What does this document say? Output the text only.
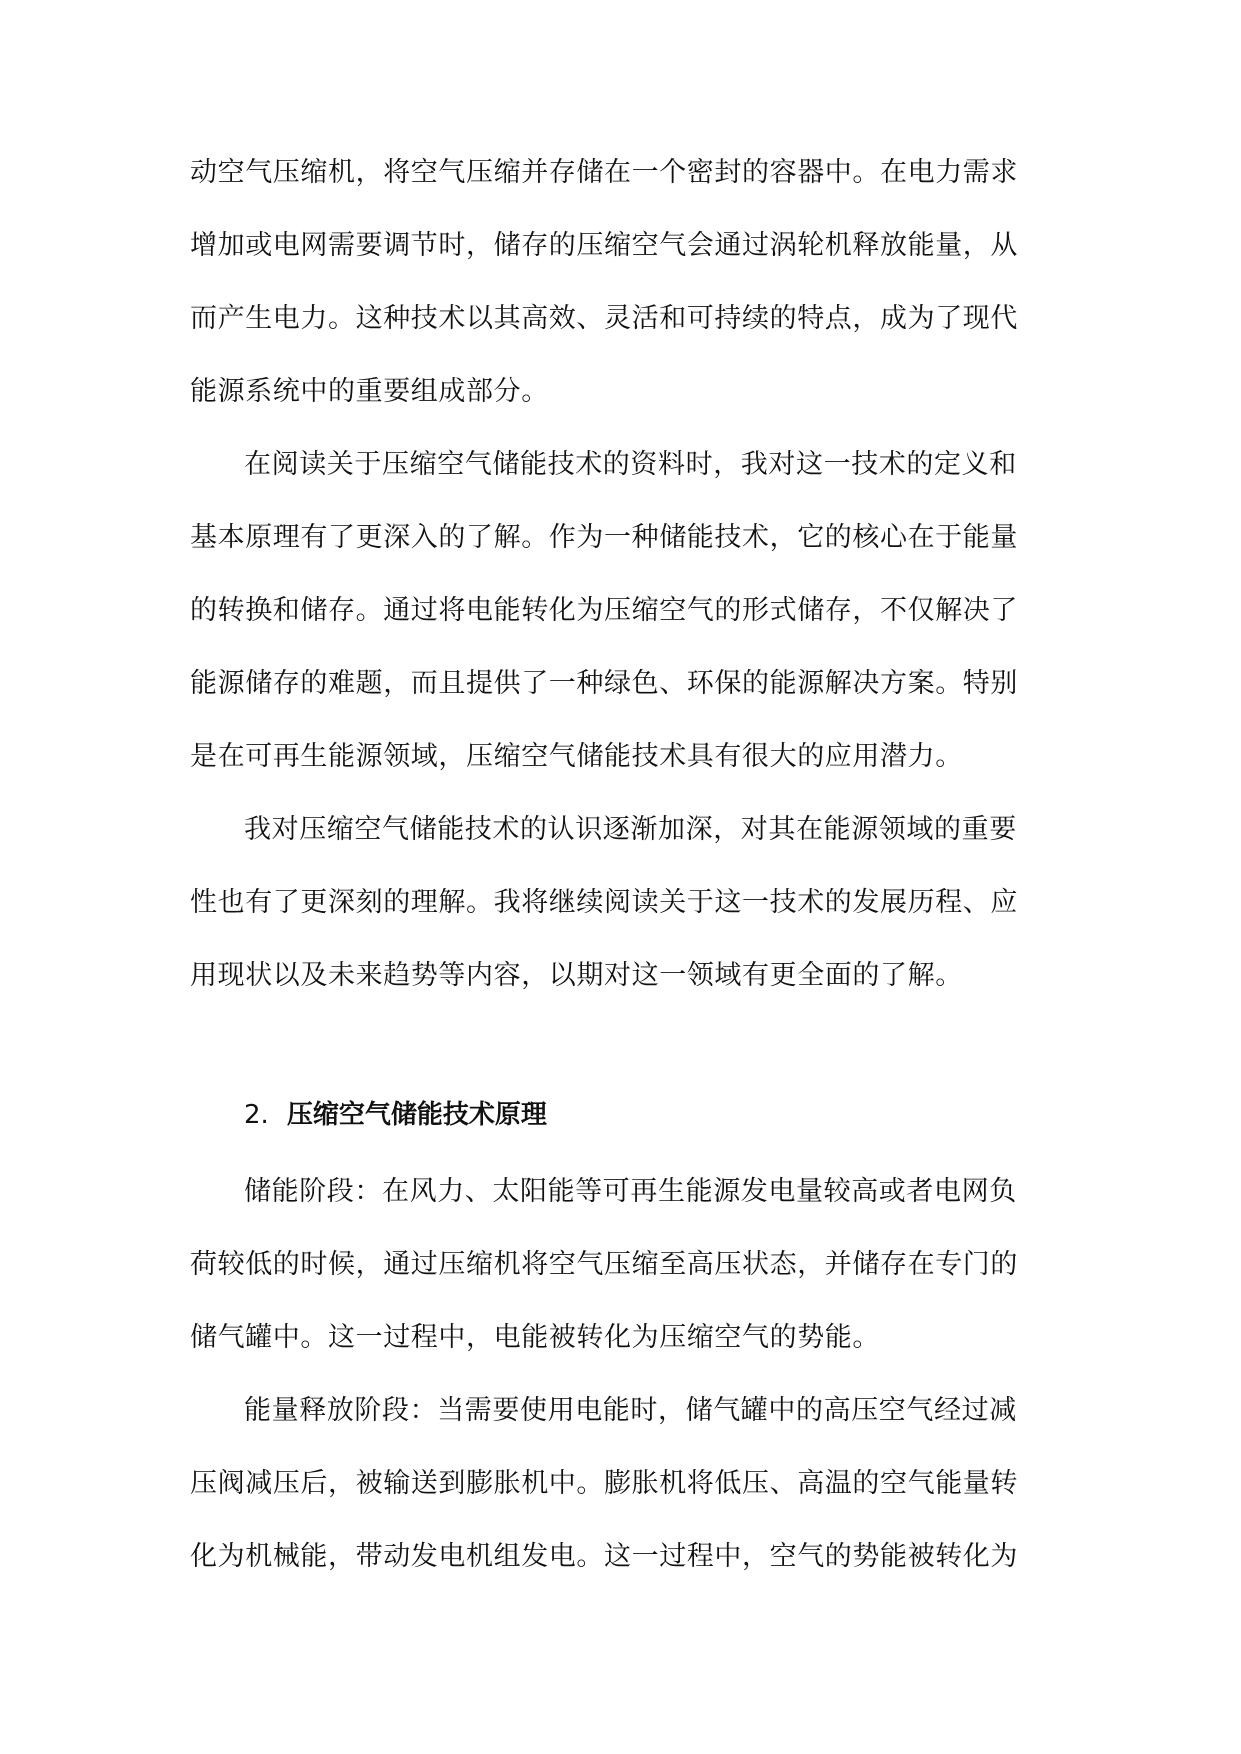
动空气压缩机，将空气压缩并存储在一个密封的容器中。在电力需求
增加或电网需要调节时，储存的压缩空气会通过涡轮机释放能量，从
而产生电力。这种技术以其高效、灵活和可持续的特点，成为了现代
能源系统中的重要组成部分。
在阅读关于压缩空气储能技术的资料时，我对这一技术的定义和
基本原理有了更深入的了解。作为一种储能技术，它的核心在于能量
的转换和储存。通过将电能转化为压缩空气的形式储存，不仅解决了
能源储存的难题，而且提供了一种绿色、环保的能源解决方案。特别
是在可再生能源领域，压缩空气储能技术具有很大的应用潜力。
我对压缩空气储能技术的认识逐渐加深，对其在能源领域的重要
性也有了更深刻的理解。我将继续阅读关于这一技术的发展历程、应
用现状以及未来趋势等内容，以期对这一领域有更全面的了解。
2. 压缩空气储能技术原理
储能阶段：在风力、太阳能等可再生能源发电量较高或者电网负
荷较低的时候，通过压缩机将空气压缩至高压状态，并储存在专门的
储气罐中。这一过程中，电能被转化为压缩空气的势能。
能量释放阶段：当需要使用电能时，储气罐中的高压空气经过减
压阀减压后，被输送到膨胀机中。膨胀机将低压、高温的空气能量转
化为机械能，带动发电机组发电。这一过程中，空气的势能被转化为
